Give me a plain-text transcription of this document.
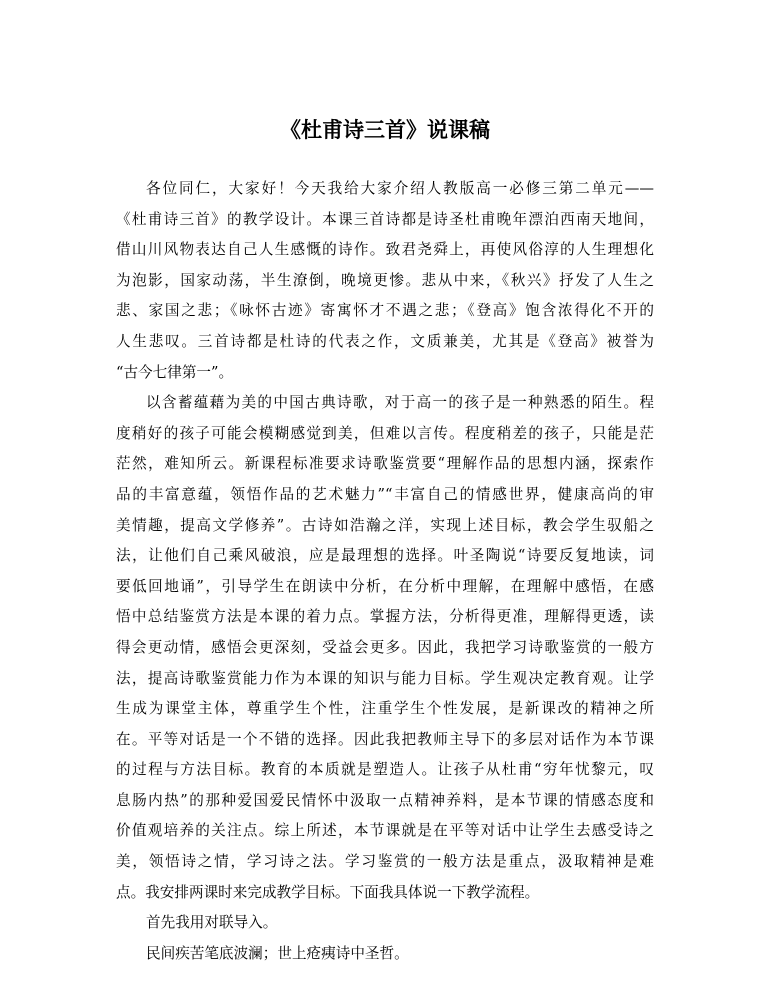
《杜甫诗三首》说课稿
各位同仁，大家好！今天我给大家介绍人教版高一必修三第二单元——
《杜甫诗三首》的教学设计。本课三首诗都是诗圣杜甫晚年漂泊西南天地间，
借山川风物表达自己人生感慨的诗作。致君尧舜上，再使风俗淳的人生理想化
为泡影，国家动荡，半生潦倒，晚境更惨。悲从中来，《秋兴》抒发了人生之
悲、家国之悲；《咏怀古迹》寄寓怀才不遇之悲；《登高》饱含浓得化不开的
人生悲叹。三首诗都是杜诗的代表之作，文质兼美，尤其是《登高》被誉为
“古今七律第一”。
以含蓄蕴藉为美的中国古典诗歌，对于高一的孩子是一种熟悉的陌生。程
度稍好的孩子可能会模糊感觉到美，但难以言传。程度稍差的孩子，只能是茫
茫然，难知所云。新课程标准要求诗歌鉴赏要“理解作品的思想内涵，探索作
品的丰富意蕴，领悟作品的艺术魅力”“丰富自己的情感世界，健康高尚的审
美情趣，提高文学修养”。古诗如浩瀚之洋，实现上述目标，教会学生驭船之
法，让他们自己乘风破浪，应是最理想的选择。叶圣陶说“诗要反复地读，词
要低回地诵”，引导学生在朗读中分析，在分析中理解，在理解中感悟，在感
悟中总结鉴赏方法是本课的着力点。掌握方法，分析得更准，理解得更透，读
得会更动情，感悟会更深刻，受益会更多。因此，我把学习诗歌鉴赏的一般方
法，提高诗歌鉴赏能力作为本课的知识与能力目标。学生观决定教育观。让学
生成为课堂主体，尊重学生个性，注重学生个性发展，是新课改的精神之所
在。平等对话是一个不错的选择。因此我把教师主导下的多层对话作为本节课
的过程与方法目标。教育的本质就是塑造人。让孩子从杜甫“穷年忧黎元，叹
息肠内热”的那种爱国爱民情怀中汲取一点精神养料，是本节课的情感态度和
价值观培养的关注点。综上所述，本节课就是在平等对话中让学生去感受诗之
美，领悟诗之情，学习诗之法。学习鉴赏的一般方法是重点，汲取精神是难
点。我安排两课时来完成教学目标。下面我具体说一下教学流程。
首先我用对联导入。
民间疾苦笔底波澜；世上疮痍诗中圣哲。
